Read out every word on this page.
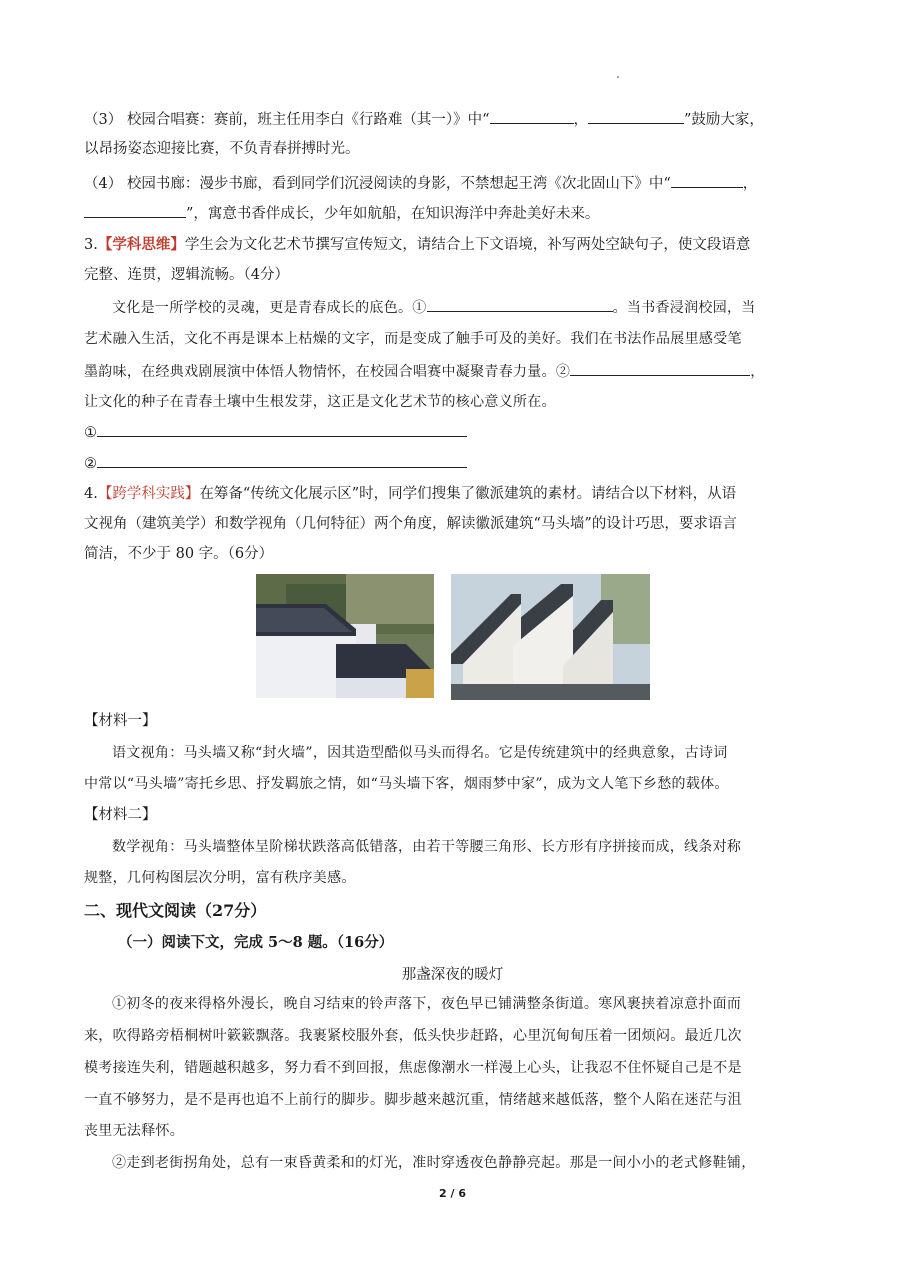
（3） 校园合唱赛：赛前，班主任用李白《行路难（其一）》中“	，	”鼓励大家，
以昂扬姿态迎接比赛，不负青春拼搏时光。
（4） 校园书廊：漫步书廊，看到同学们沉浸阅读的身影，不禁想起王湾《次北固山下》中“	，
”，寓意书香伴成长，少年如航船，在知识海洋中奔赴美好未来。
3.【学科思维】学生会为文化艺术节撰写宣传短文，请结合上下文语境，补写两处空缺句子，使文段语意
完整、连贯，逻辑流畅。（4分）
文化是一所学校的灵魂，更是青春成长的底色。①	。当书香浸润校园，当
艺术融入生活，文化不再是课本上枯燥的文字，而是变成了触手可及的美好。我们在书法作品展里感受笔
墨韵味，在经典戏剧展演中体悟人物情怀，在校园合唱赛中凝聚青春力量。②	，
让文化的种子在青春土壤中生根发芽，这正是文化艺术节的核心意义所在。
①
②
4.【跨学科实践】在筹备“传统文化展示区”时，同学们搜集了徽派建筑的素材。请结合以下材料，从语
文视角（建筑美学）和数学视角（几何特征）两个角度，解读徽派建筑“马头墙”的设计巧思，要求语言
简洁，不少于 80 字。（6分）
【材料一】
语文视角：马头墙又称“封火墙”，因其造型酷似马头而得名。它是传统建筑中的经典意象，古诗词
中常以“马头墙”寄托乡思、抒发羁旅之情，如“马头墙下客，烟雨梦中家”，成为文人笔下乡愁的载体。
【材料二】
数学视角：马头墙整体呈阶梯状跌落高低错落，由若干等腰三角形、长方形有序拼接而成，线条对称
规整，几何构图层次分明，富有秩序美感。
二、现代文阅读（27分）
（一）阅读下文，完成 5～8 题。（16分）
那盏深夜的暖灯
①初冬的夜来得格外漫长，晚自习结束的铃声落下，夜色早已铺满整条街道。寒风裹挟着凉意扑面而
来，吹得路旁梧桐树叶簌簌飘落。我裹紧校服外套，低头快步赶路，心里沉甸甸压着一团烦闷。最近几次
模考接连失利，错题越积越多，努力看不到回报，焦虑像潮水一样漫上心头，让我忍不住怀疑自己是不是
一直不够努力，是不是再也追不上前行的脚步。脚步越来越沉重，情绪越来越低落，整个人陷在迷茫与沮
丧里无法释怀。
②走到老街拐角处，总有一束昏黄柔和的灯光，准时穿透夜色静静亮起。那是一间小小的老式修鞋铺，
2 / 6
